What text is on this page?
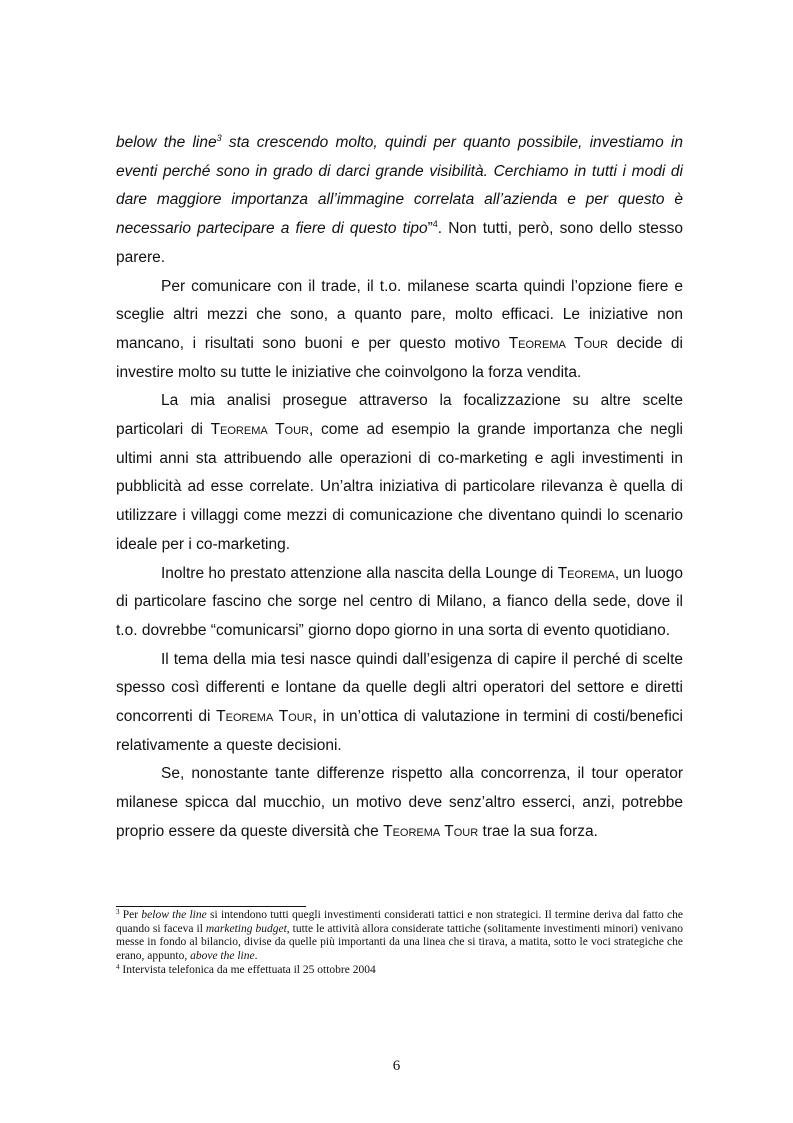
below the line$^3$ sta crescendo molto, quindi per quanto possibile, investiamo in eventi perché sono in grado di darci grande visibilità. Cerchiamo in tutti i modi di dare maggiore importanza all’immagine correlata all’azienda e per questo è necessario partecipare a fiere di questo tipo”$^4$. Non tutti, però, sono dello stesso parere.

Per comunicare con il trade, il t.o. milanese scarta quindi l’opzione fiere e sceglie altri mezzi che sono, a quanto pare, molto efficaci. Le iniziative non mancano, i risultati sono buoni e per questo motivo Teorema Tour decide di investire molto su tutte le iniziative che coinvolgono la forza vendita.

La mia analisi prosegue attraverso la focalizzazione su altre scelte particolari di Teorema Tour, come ad esempio la grande importanza che negli ultimi anni sta attribuendo alle operazioni di co-marketing e agli investimenti in pubblicità ad esse correlate. Un’altra iniziativa di particolare rilevanza è quella di utilizzare i villaggi come mezzi di comunicazione che diventano quindi lo scenario ideale per i co-marketing.

Inoltre ho prestato attenzione alla nascita della Lounge di Teorema, un luogo di particolare fascino che sorge nel centro di Milano, a fianco della sede, dove il t.o. dovrebbe “comunicarsi” giorno dopo giorno in una sorta di evento quotidiano.

Il tema della mia tesi nasce quindi dall’esigenza di capire il perché di scelte spesso così differenti e lontane da quelle degli altri operatori del settore e diretti concorrenti di Teorema Tour, in un’ottica di valutazione in termini di costi/benefici relativamente a queste decisioni.

Se, nonostante tante differenze rispetto alla concorrenza, il tour operator milanese spicca dal mucchio, un motivo deve senz’altro esserci, anzi, potrebbe proprio essere da queste diversità che Teorema Tour trae la sua forza.

$^3$ Per below the line si intendono tutti quegli investimenti considerati tattici e non strategici. Il termine deriva dal fatto che quando si faceva il marketing budget, tutte le attività allora considerate tattiche (solitamente investimenti minori) venivano messe in fondo al bilancio, divise da quelle più importanti da una linea che si tirava, a matita, sotto le voci strategiche che erano, appunto, above the line.

$^4$ Intervista telefonica da me effettuata il 25 ottobre 2004

6
